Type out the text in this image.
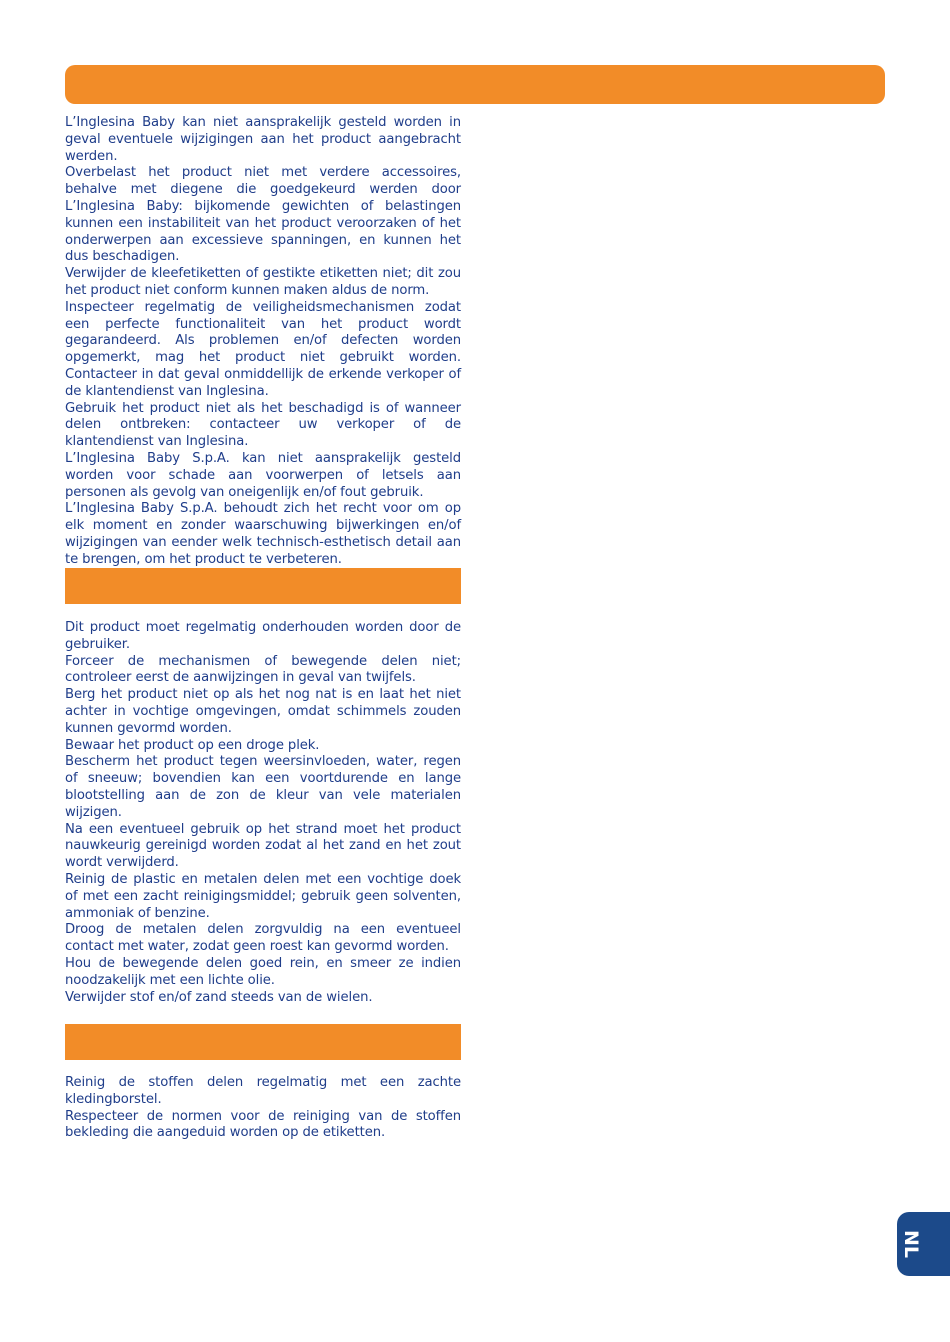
L’Inglesina Baby kan niet aansprakelijk gesteld worden in geval eventuele wijzigingen aan het product aangebracht werden.

Overbelast het product niet met verdere accessoires, behalve met diegene die goedgekeurd werden door L’Inglesina Baby: bijkomende gewichten of belastingen kunnen een instabiliteit van het product veroorzaken of het onderwerpen aan excessieve spanningen, en kunnen het dus beschadigen.

Verwijder de kleefetiketten of gestikte etiketten niet; dit zou het product niet conform kunnen maken aldus de norm.

Inspecteer regelmatig de veiligheidsmechanismen zodat een perfecte functionaliteit van het product wordt gegarandeerd. Als problemen en/of defecten worden opgemerkt, mag het product niet gebruikt worden. Contacteer in dat geval onmiddellijk de erkende verkoper of de klantendienst van Inglesina.

Gebruik het product niet als het beschadigd is of wanneer delen ontbreken: contacteer uw verkoper of de klantendienst van Inglesina.

L’Inglesina Baby S.p.A. kan niet aansprakelijk gesteld worden voor schade aan voorwerpen of letsels aan personen als gevolg van oneigenlijk en/of fout gebruik.

L’Inglesina Baby S.p.A. behoudt zich het recht voor om op elk moment en zonder waarschuwing bijwerkingen en/of wijzigingen van eender welk technisch-esthetisch detail aan te brengen, om het product te verbeteren.

Dit product moet regelmatig onderhouden worden door de gebruiker.

Forceer de mechanismen of bewegende delen niet; controleer eerst de aanwijzingen in geval van twijfels.

Berg het product niet op als het nog nat is en laat het niet achter in vochtige omgevingen, omdat schimmels zouden kunnen gevormd worden.

Bewaar het product op een droge plek.

Bescherm het product tegen weersinvloeden, water, regen of sneeuw; bovendien kan een voortdurende en lange blootstelling aan de zon de kleur van vele materialen wijzigen.

Na een eventueel gebruik op het strand moet het product nauwkeurig gereinigd worden zodat al het zand en het zout wordt verwijderd.

Reinig de plastic en metalen delen met een vochtige doek of met een zacht reinigingsmiddel; gebruik geen solventen, ammoniak of benzine.

Droog de metalen delen zorgvuldig na een eventueel contact met water, zodat geen roest kan gevormd worden.

Hou de bewegende delen goed rein, en smeer ze indien noodzakelijk met een lichte olie.

Verwijder stof en/of zand steeds van de wielen.

Reinig de stoffen delen regelmatig met een zachte kledingborstel.

Respecteer de normen voor de reiniging van de stoffen bekleding die aangeduid worden op de etiketten.

NL
